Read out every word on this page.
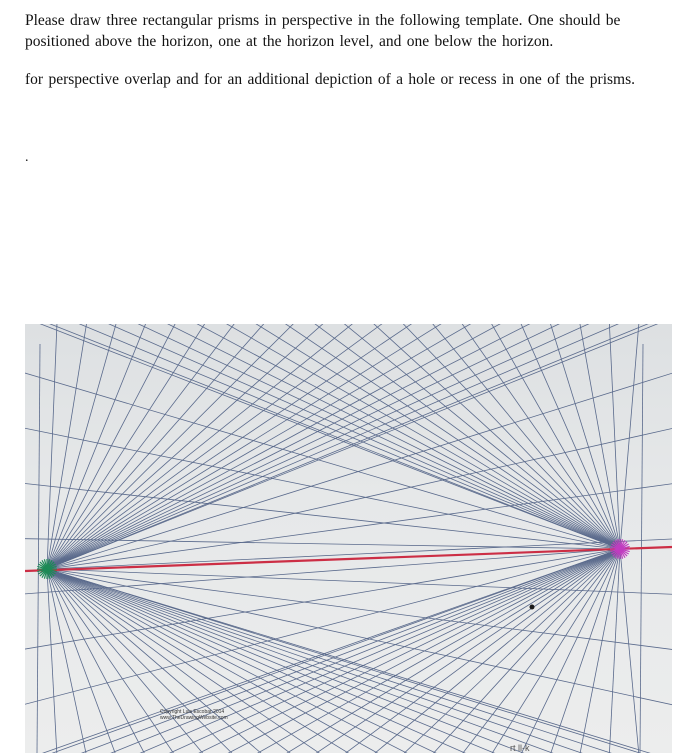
Please draw three rectangular prisms in perspective in the following template. One should be positioned above the horizon, one at the horizon level, and one below the horizon.

for perspective overlap and for an additional depiction of a hole or recess in one of the prisms.

.
Copyright Luis Escobar 2014
www.TheDrawingWebsite.com
rt ll-k
